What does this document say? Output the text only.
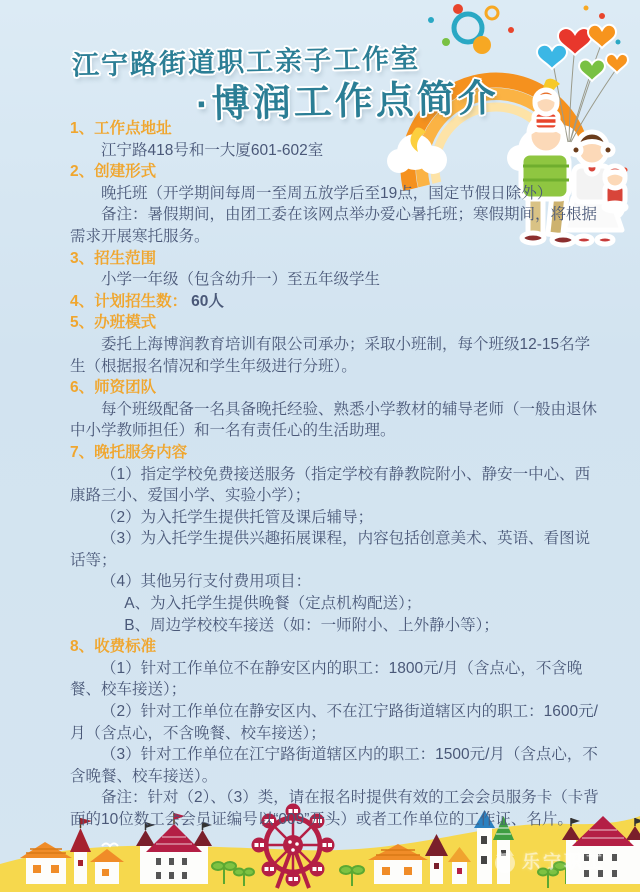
江宁路街道职工亲子工作室
·博润工作点简介
1、工作点地址

江宁路418号和一大厦601-602室

2、创建形式

晚托班（开学期间每周一至周五放学后至19点，国定节假日除外）

备注：暑假期间，由团工委在该网点举办爱心暑托班；寒假期间，将根据需求开展寒托服务。

3、招生范围

小学一年级（包含幼升一）至五年级学生

4、计划招生数： 60人
5、办班模式

委托上海博润教育培训有限公司承办；采取小班制，每个班级12-15名学生（根据报名情况和学生年级进行分班）。

6、师资团队

每个班级配备一名具备晚托经验、熟悉小学教材的辅导老师（一般由退休中小学教师担任）和一名有责任心的生活助理。

7、晚托服务内容

（1）指定学校免费接送服务（指定学校有静教院附小、静安一中心、西康路三小、爱国小学、实验小学）；

（2）为入托学生提供托管及课后辅导；

（3）为入托学生提供兴趣拓展课程，内容包括创意美术、英语、看图说话等；

（4）其他另行支付费用项目：

A、为入托学生提供晚餐（定点机构配送）；

B、周边学校校车接送（如：一师附小、上外静小等）；

8、收费标准

（1）针对工作单位不在静安区内的职工：1800元/月（含点心，不含晚餐、校车接送）；

（2）针对工作单位在静安区内、不在江宁路街道辖区内的职工：1600元/月（含点心，不含晚餐、校车接送）；

（3）针对工作单位在江宁路街道辖区内的职工：1500元/月（含点心，不含晚餐、校车接送）。

备注：针对（2）、（3）类，请在报名时提供有效的工会会员服务卡（卡背面的10位数工会会员证编号以“009”开头）或者工作单位的工作证、名片。

乐宁职工
